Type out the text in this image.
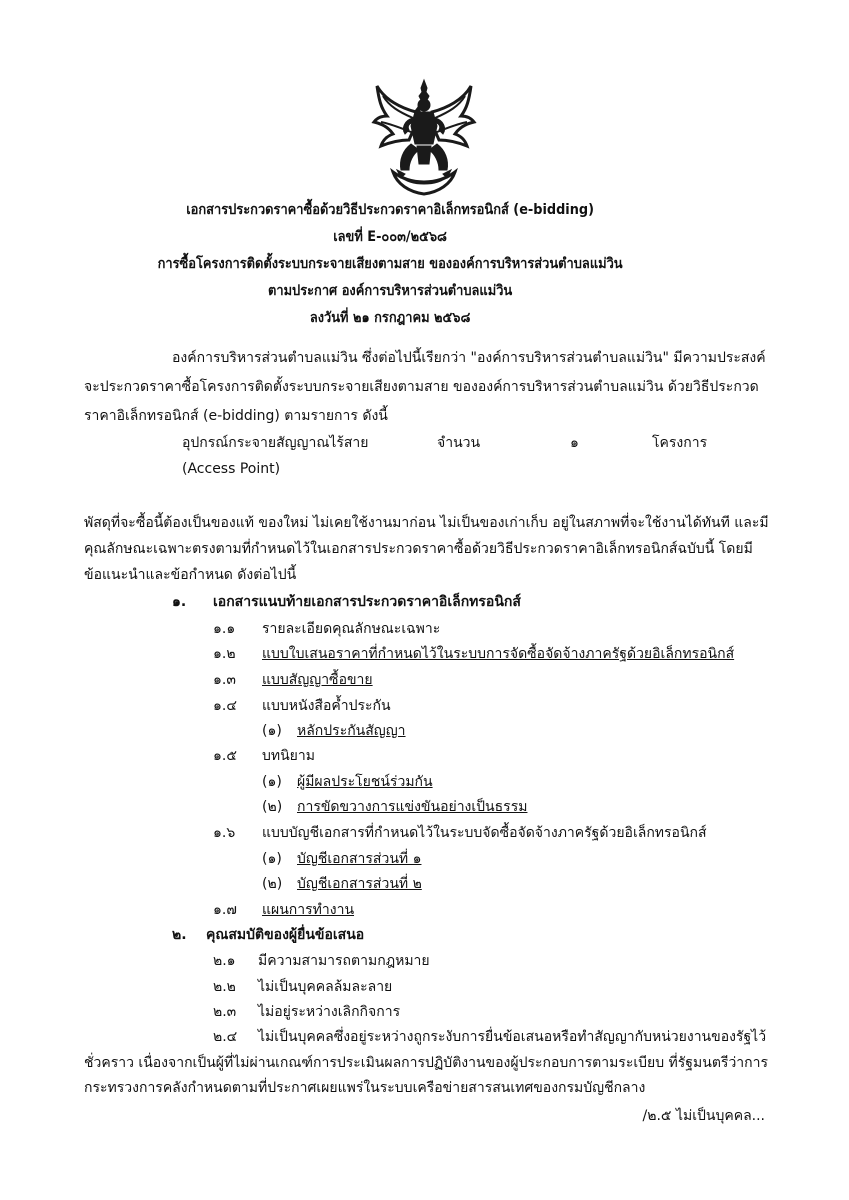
เอกสารประกวดราคาซื้อด้วยวิธีประกวดราคาอิเล็กทรอนิกส์ (e-bidding)
เลขที่ E-๐๐๓/๒๕๖๘
การซื้อโครงการติดตั้งระบบกระจายเสียงตามสาย ขององค์การบริหารส่วนตำบลแม่วิน
ตามประกาศ องค์การบริหารส่วนตำบลแม่วิน
ลงวันที่ ๒๑ กรกฎาคม ๒๕๖๘
องค์การบริหารส่วนตำบลแม่วิน ซึ่งต่อไปนี้เรียกว่า "องค์การบริหารส่วนตำบลแม่วิน" มีความประสงค์
จะประกวดราคาซื้อโครงการติดตั้งระบบกระจายเสียงตามสาย ขององค์การบริหารส่วนตำบลแม่วิน ด้วยวิธีประกวด
ราคาอิเล็กทรอนิกส์ (e-bidding) ตามรายการ ดังนี้
อุปกรณ์กระจายสัญญาณไร้สาย	จำนวน	๑	โครงการ
(Access Point)
พัสดุที่จะซื้อนี้ต้องเป็นของแท้ ของใหม่ ไม่เคยใช้งานมาก่อน ไม่เป็นของเก่าเก็บ อยู่ในสภาพที่จะใช้งานได้ทันที และมี
คุณลักษณะเฉพาะตรงตามที่กำหนดไว้ในเอกสารประกวดราคาซื้อด้วยวิธีประกวดราคาอิเล็กทรอนิกส์ฉบับนี้ โดยมี
ข้อแนะนำและข้อกำหนด ดังต่อไปนี้
๑. เอกสารแนบท้ายเอกสารประกวดราคาอิเล็กทรอนิกส์
๑.๑ รายละเอียดคุณลักษณะเฉพาะ
๑.๒ แบบใบเสนอราคาที่กำหนดไว้ในระบบการจัดซื้อจัดจ้างภาครัฐด้วยอิเล็กทรอนิกส์
๑.๓ แบบสัญญาซื้อขาย
๑.๔ แบบหนังสือค้ำประกัน
(๑) หลักประกันสัญญา
๑.๕ บทนิยาม
(๑) ผู้มีผลประโยชน์ร่วมกัน
(๒) การขัดขวางการแข่งขันอย่างเป็นธรรม
๑.๖ แบบบัญชีเอกสารที่กำหนดไว้ในระบบจัดซื้อจัดจ้างภาครัฐด้วยอิเล็กทรอนิกส์
(๑) บัญชีเอกสารส่วนที่ ๑
(๒) บัญชีเอกสารส่วนที่ ๒
๑.๗ แผนการทำงาน
๒. คุณสมบัติของผู้ยื่นข้อเสนอ
๒.๑ มีความสามารถตามกฎหมาย
๒.๒ ไม่เป็นบุคคลล้มละลาย
๒.๓ ไม่อยู่ระหว่างเลิกกิจการ
๒.๔ ไม่เป็นบุคคลซึ่งอยู่ระหว่างถูกระงับการยื่นข้อเสนอหรือทำสัญญากับหน่วยงานของรัฐไว้
ชั่วคราว เนื่องจากเป็นผู้ที่ไม่ผ่านเกณฑ์การประเมินผลการปฏิบัติงานของผู้ประกอบการตามระเบียบ ที่รัฐมนตรีว่าการ
กระทรวงการคลังกำหนดตามที่ประกาศเผยแพร่ในระบบเครือข่ายสารสนเทศของกรมบัญชีกลาง
/๒.๕ ไม่เป็นบุคคล...
